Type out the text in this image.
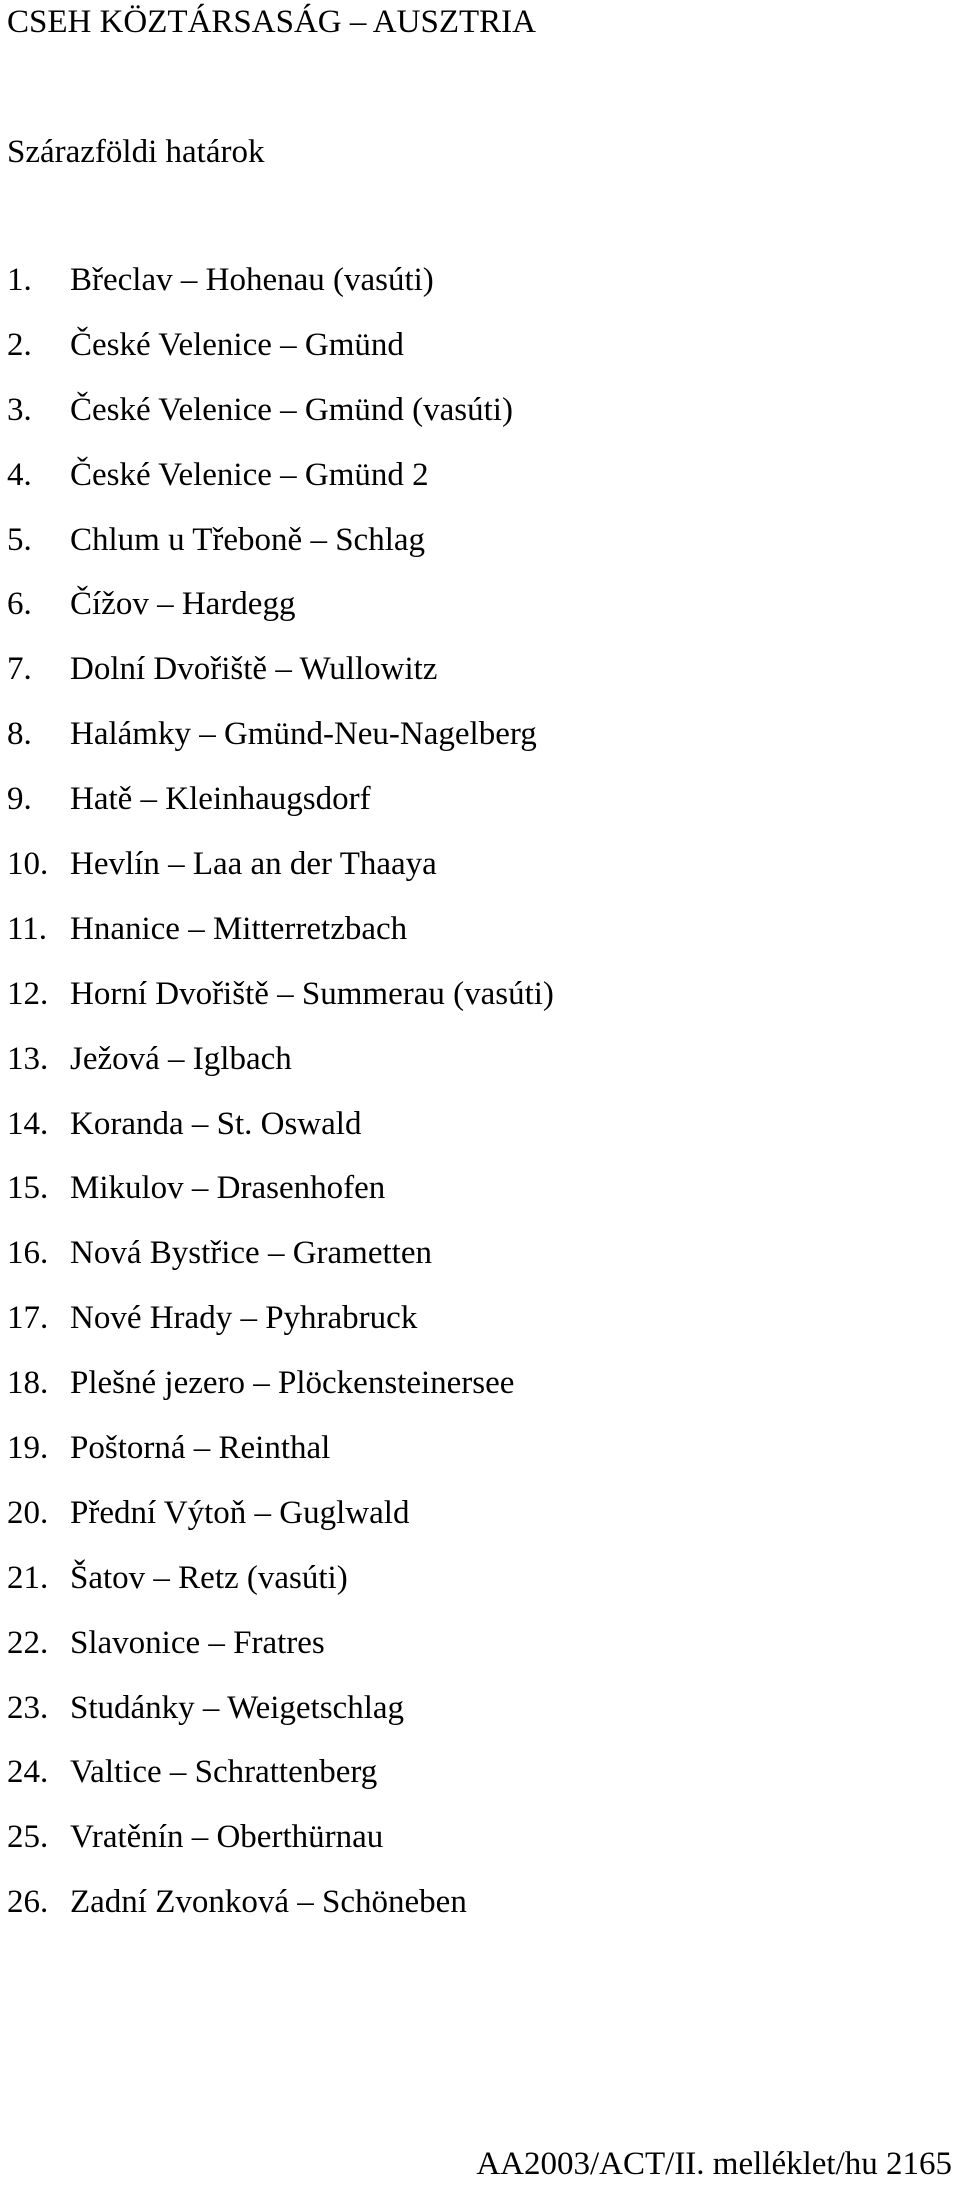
CSEH KÖZTÁRSASÁG – AUSZTRIA
Szárazföldi határok
1. Břeclav – Hohenau (vasúti)
2. České Velenice – Gmünd
3. České Velenice – Gmünd (vasúti)
4. České Velenice – Gmünd 2
5. Chlum u Třeboně – Schlag
6. Čížov – Hardegg
7. Dolní Dvořiště – Wullowitz
8. Halámky – Gmünd-Neu-Nagelberg
9. Hatě – Kleinhaugsdorf
10. Hevlín – Laa an der Thaaya
11. Hnanice – Mitterretzbach
12. Horní Dvořiště – Summerau (vasúti)
13. Ježová – Iglbach
14. Koranda – St. Oswald
15. Mikulov – Drasenhofen
16. Nová Bystřice – Grametten
17. Nové Hrady – Pyhrabruck
18. Plešné jezero – Plöckensteinersee
19. Poštorná – Reinthal
20. Přední Výtoň – Guglwald
21. Šatov – Retz (vasúti)
22. Slavonice – Fratres
23. Studánky – Weigetschlag
24. Valtice – Schrattenberg
25. Vratěnín – Oberthürnau
26. Zadní Zvonková – Schöneben
AA2003/ACT/II. melléklet/hu 2165
